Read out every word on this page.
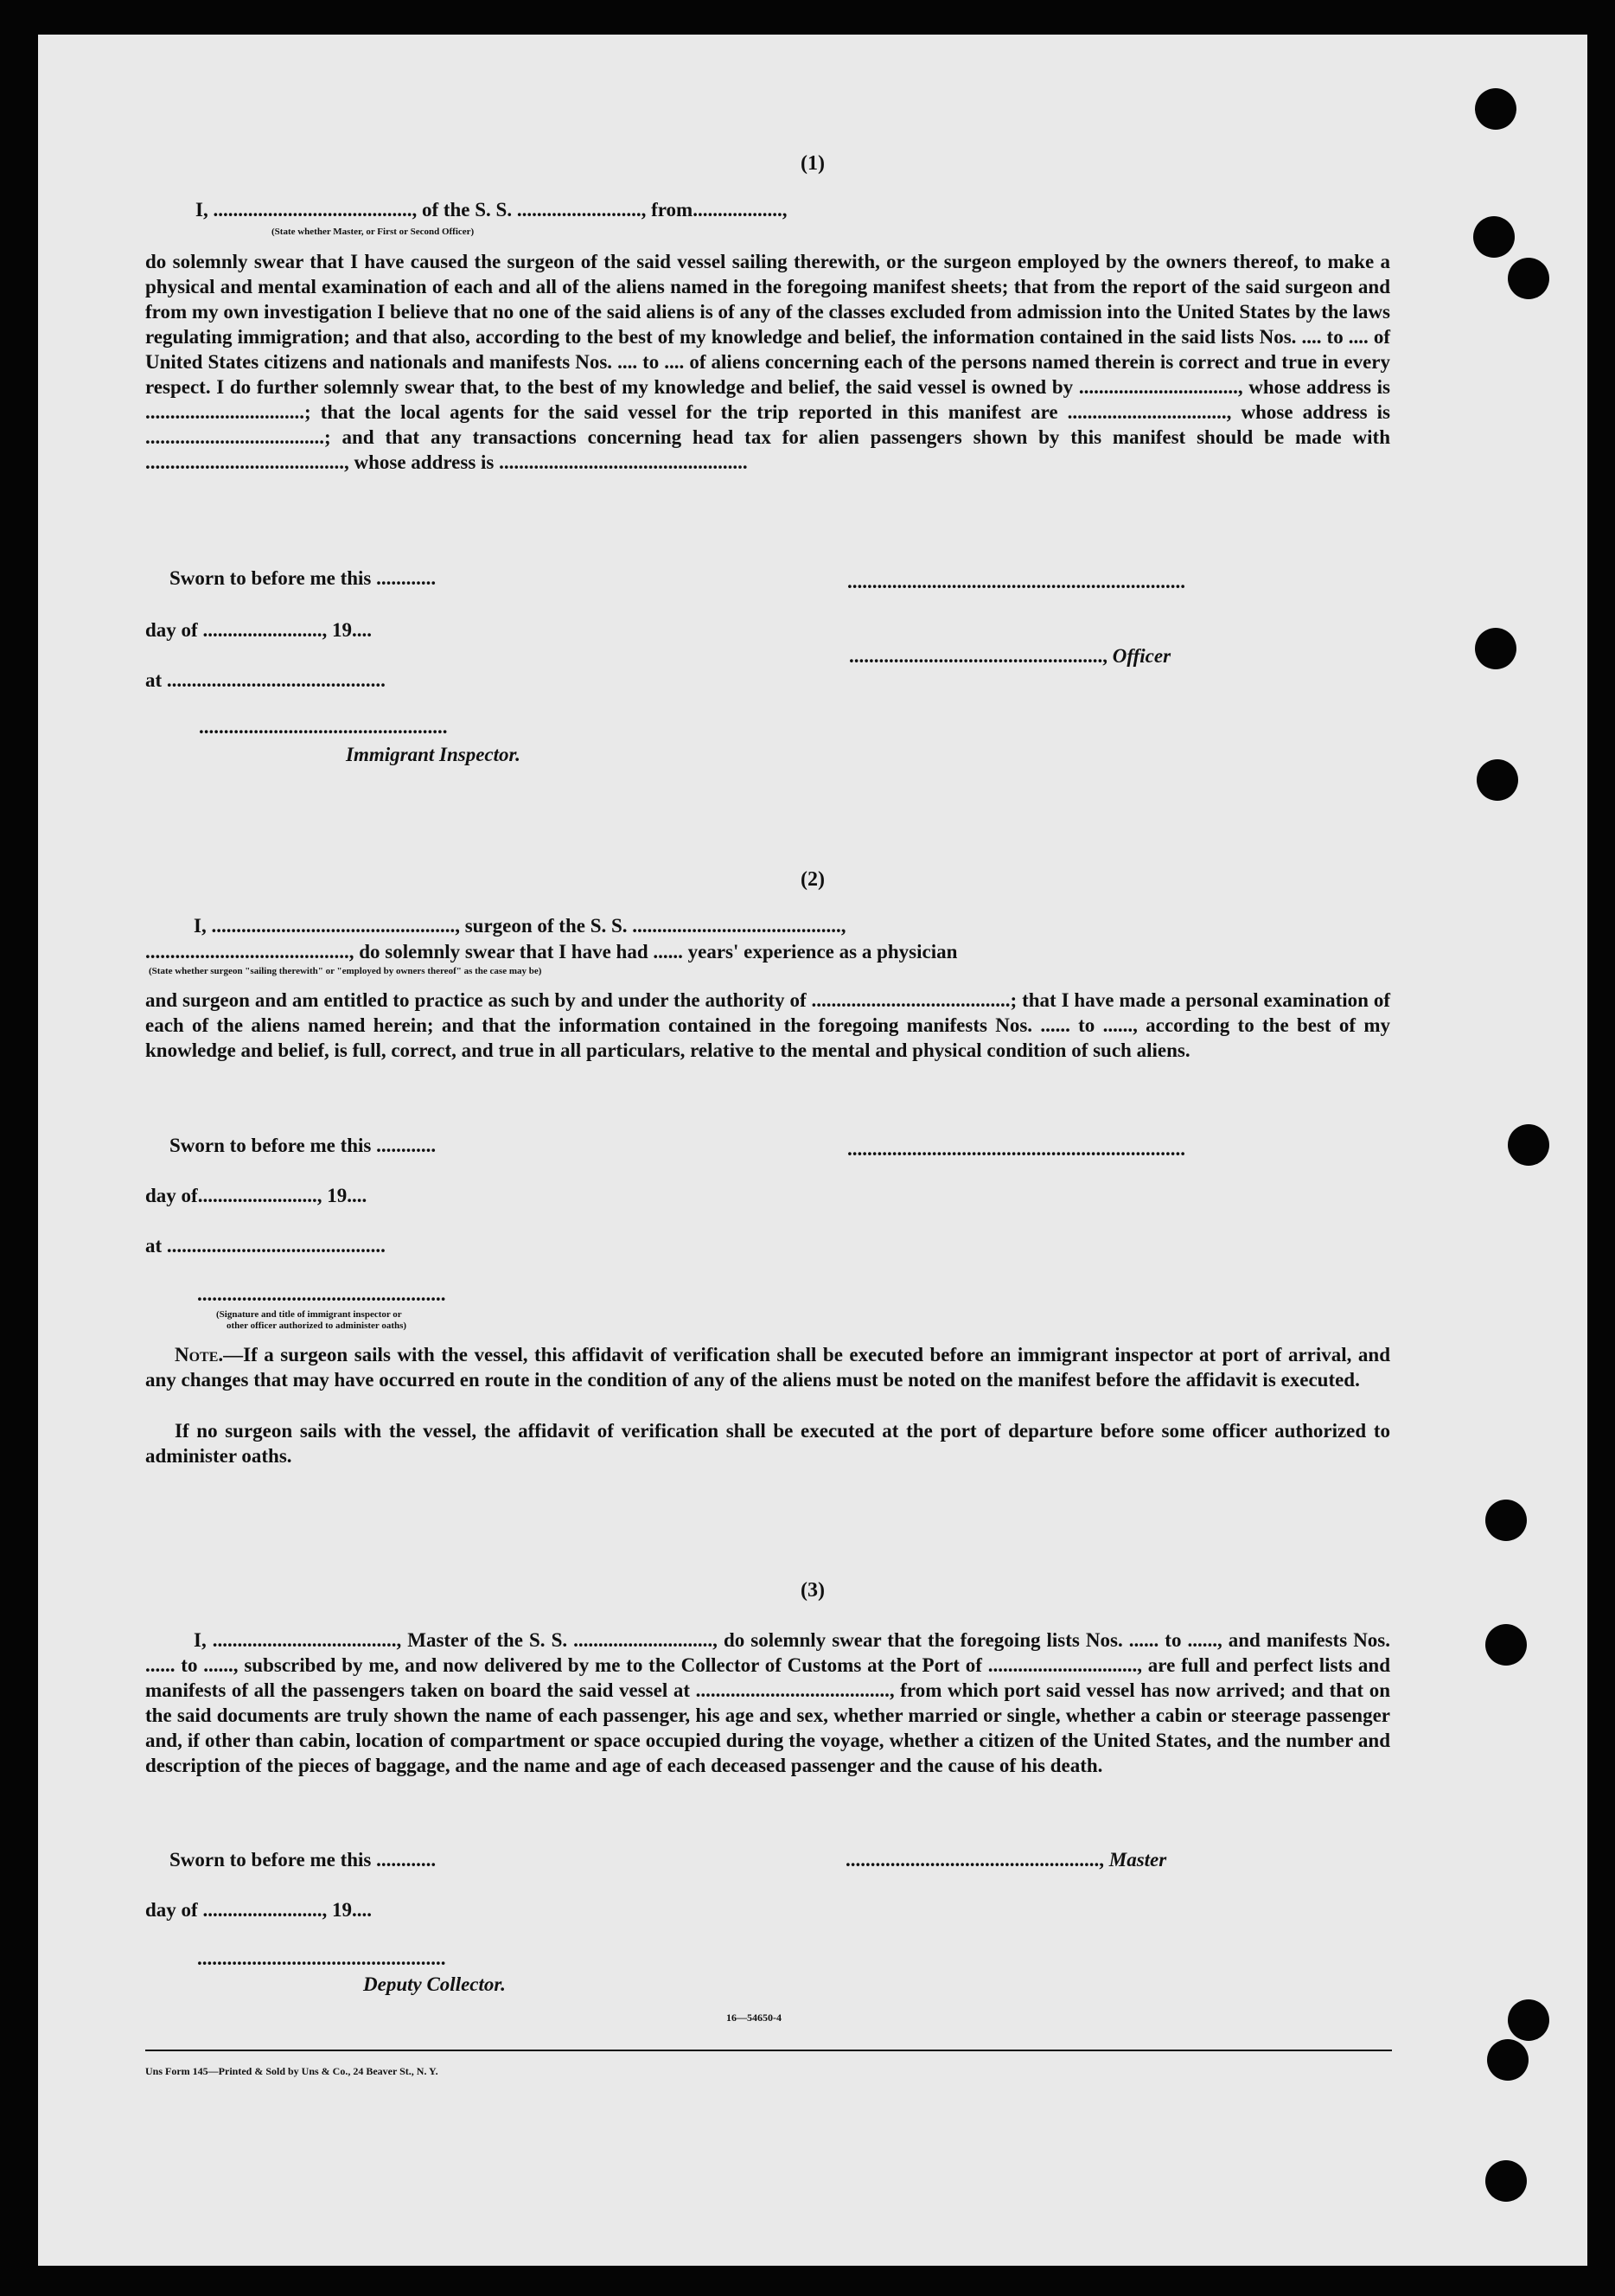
(1)
I, ........................................, of the S. S. ........................., from..................,
(State whether Master, or First or Second Officer)
do solemnly swear that I have caused the surgeon of the said vessel sailing therewith, or the surgeon employed by the owners thereof, to make a physical and mental examination of each and all of the aliens named in the foregoing manifest sheets; that from the report of the said surgeon and from my own investigation I believe that no one of the said aliens is of any of the classes excluded from admission into the United States by the laws regulating immigration; and that also, according to the best of my knowledge and belief, the information contained in the said lists Nos. .... to .... of United States citizens and nationals and manifests Nos. .... to .... of aliens concerning each of the persons named therein is correct and true in every respect. I do further solemnly swear that, to the best of my knowledge and belief, the said vessel is owned by ................................, whose address is ................................; that the local agents for the said vessel for the trip reported in this manifest are ................................, whose address is ....................................; and that any transactions concerning head tax for alien passengers shown by this manifest should be made with ........................................, whose address is ..................................................
Sworn to before me this ............	....................................................................
day of ........................, 19....
..................................................., Officer
at ............................................
..................................................
Immigrant Inspector.
(2)
I, ................................................., surgeon of the S. S. ..........................................,
........................................., do solemnly swear that I have had ...... years' experience as a physician
(State whether surgeon "sailing therewith" or "employed by owners thereof" as the case may be)
and surgeon and am entitled to practice as such by and under the authority of ........................................; that I have made a personal examination of each of the aliens named herein; and that the information contained in the foregoing manifests Nos. ...... to ......, according to the best of my knowledge and belief, is full, correct, and true in all particulars, relative to the mental and physical condition of such aliens.
Sworn to before me this ............	....................................................................
day of........................, 19....
at ............................................
..................................................
(Signature and title of immigrant inspector or
other officer authorized to administer oaths)
Note.—If a surgeon sails with the vessel, this affidavit of verification shall be executed before an immigrant inspector at port of arrival, and any changes that may have occurred en route in the condition of any of the aliens must be noted on the manifest before the affidavit is executed.
If no surgeon sails with the vessel, the affidavit of verification shall be executed at the port of departure before some officer authorized to administer oaths.
(3)
I, ....................................., Master of the S. S. ............................, do solemnly swear that the foregoing lists Nos. ...... to ......, and manifests Nos. ...... to ......, subscribed by me, and now delivered by me to the Collector of Customs at the Port of .............................., are full and perfect lists and manifests of all the passengers taken on board the said vessel at ......................................., from which port said vessel has now arrived; and that on the said documents are truly shown the name of each passenger, his age and sex, whether married or single, whether a cabin or steerage passenger and, if other than cabin, location of compartment or space occupied during the voyage, whether a citizen of the United States, and the number and description of the pieces of baggage, and the name and age of each deceased passenger and the cause of his death.
Sworn to before me this ............	..................................................., Master
day of ........................, 19....
..................................................
Deputy Collector.
16—54650-4
Uns Form 145—Printed & Sold by Uns & Co., 24 Beaver St., N. Y.
